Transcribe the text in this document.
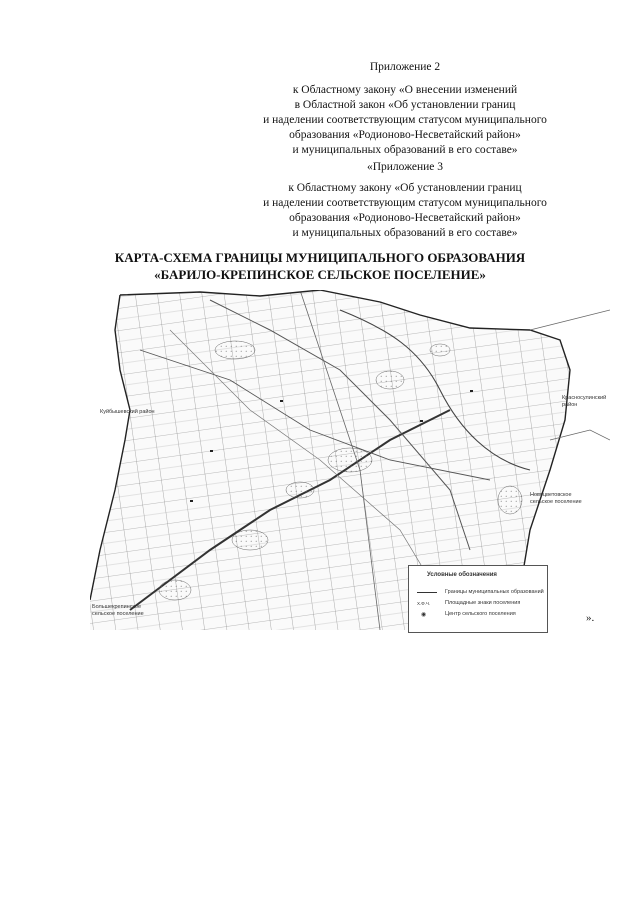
Приложение 2
к Областному закону «О внесении изменений
в Областной закон «Об установлении границ
и наделении соответствующим статусом муниципального
образования «Родионово-Несветайский район»
и муниципальных образований в его составе»
«Приложение 3
к Областному закону «Об установлении границ
и наделении соответствующим статусом муниципального
образования «Родионово-Несветайский район»
и муниципальных образований в его составе»
КАРТА-СХЕМА ГРАНИЦЫ МУНИЦИПАЛЬНОГО ОБРАЗОВАНИЯ
«БАРИЛО-КРЕПИНСКОЕ СЕЛЬСКОЕ ПОСЕЛЕНИЕ»
Куйбышевский район
Красносулинский район
Новоцветовское сельское поселение
Большекрепинское сельское поселение
Условные обозначения
Границы муниципальных образований
Х.Ф.Ч.	Площадные знаки поселения
◉	Центр сельского поселения	».
